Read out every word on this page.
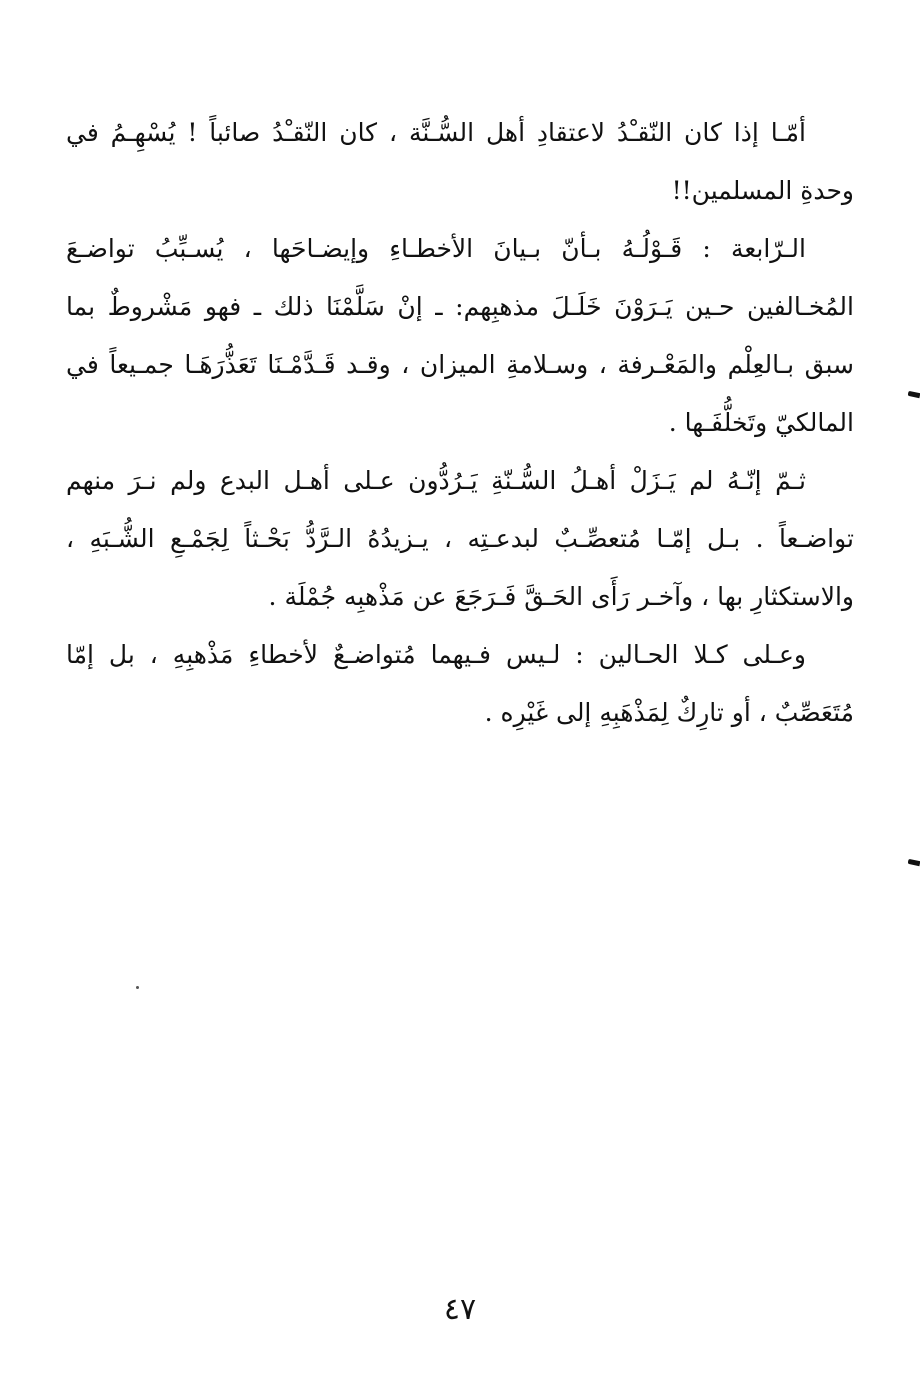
أمّـا إذا كان النّقـْدُ لاعتقادِ أهل السُّـنَّة ، كان النّقـْدُ صائباً ! يُسْهِـمُ في
وحدةِ المسلمين!!
الـرّابعة : قَـوْلُـهُ بـأنّ بـيانَ الأخطـاءِ وإيضـاحَها ، يُسـبِّبُ تواضـعَ
المُخـالفين حـين يَـرَوْنَ خَلَـلَ مذهبِهم: ـ إنْ سَلَّمْنَا ذلك ـ فهو مَشْروطٌ بما
سبق بـالعِلْم والمَعْـرفة ، وسـلامةِ الميزان ، وقـد قَـدَّمْـنَا تَعَذُّرَهَـا جمـيعاً في
المالكيّ وتَخلُّفَـها .
ثـمّ إنّـهُ لم يَـزَلْ أهـلُ السُّـنّةِ يَـرُدُّون عـلى أهـل البدع ولم نـرَ منهم
تواضـعاً . بـل إمّـا مُتعصِّـبٌ لبدعـتِه ، يـزيدُهُ الـرَّدُّ بَحْـثاً لِجَمْـعِ الشُّـبَهِ ،
والاستكثارِ بها ، وآخـر رَأَى الحَـقَّ فَـرَجَعَ عن مَذْهبِه جُمْلَة .
وعـلى كـلا الحـالين : لـيس فـيهما مُتواضـعٌ لأخطاءِ مَذْهبِهِ ، بل إمّا
مُتَعَصِّبٌ ، أو تارِكٌ لِمَذْهَبِهِ إلى غَيْرِه .
٤٧
